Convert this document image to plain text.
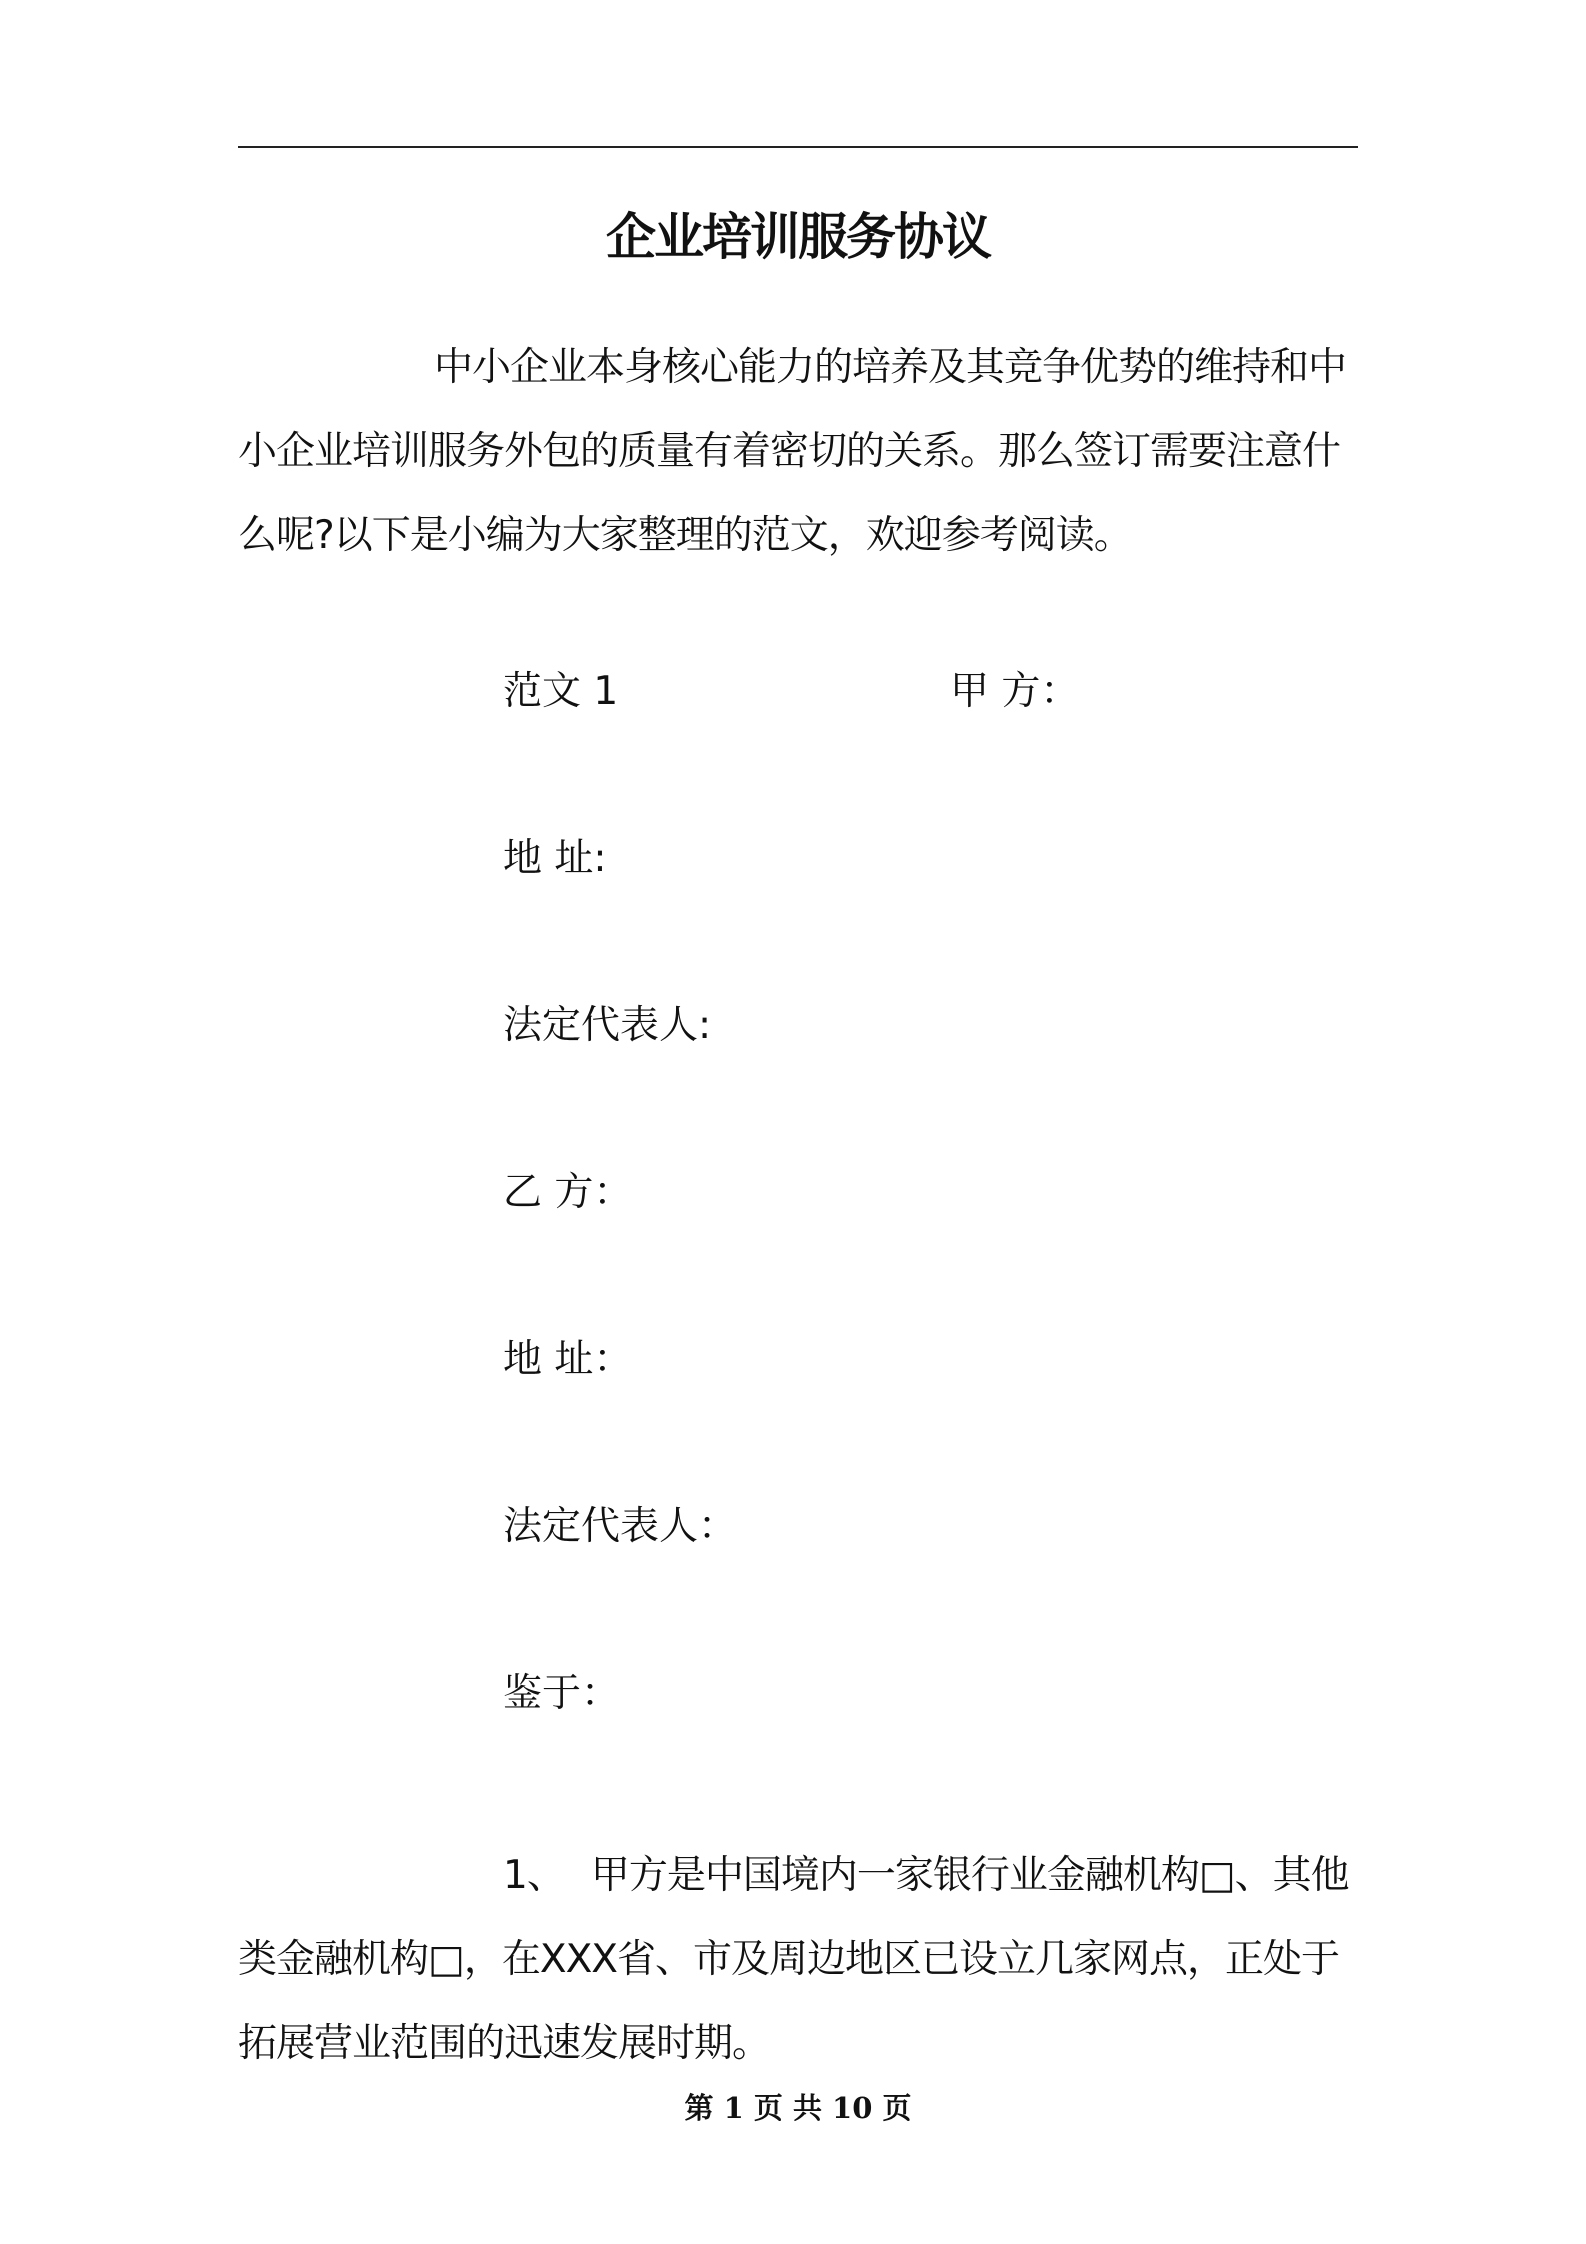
企业培训服务协议

中小企业本身核心能力的培养及其竞争优势的维持和中小企业培训服务外包的质量有着密切的关系。那么签订需要注意什么呢?以下是小编为大家整理的范文，欢迎参考阅读。

范文 1	甲 方：
地 址:
法定代表人:
乙 方：
地 址：
法定代表人：
鉴于：

1、 甲方是中国境内一家银行业金融机构□、其他类金融机构□，在XXX省、市及周边地区已设立几家网点，正处于拓展营业范围的迅速发展时期。

第 1 页 共 10 页
